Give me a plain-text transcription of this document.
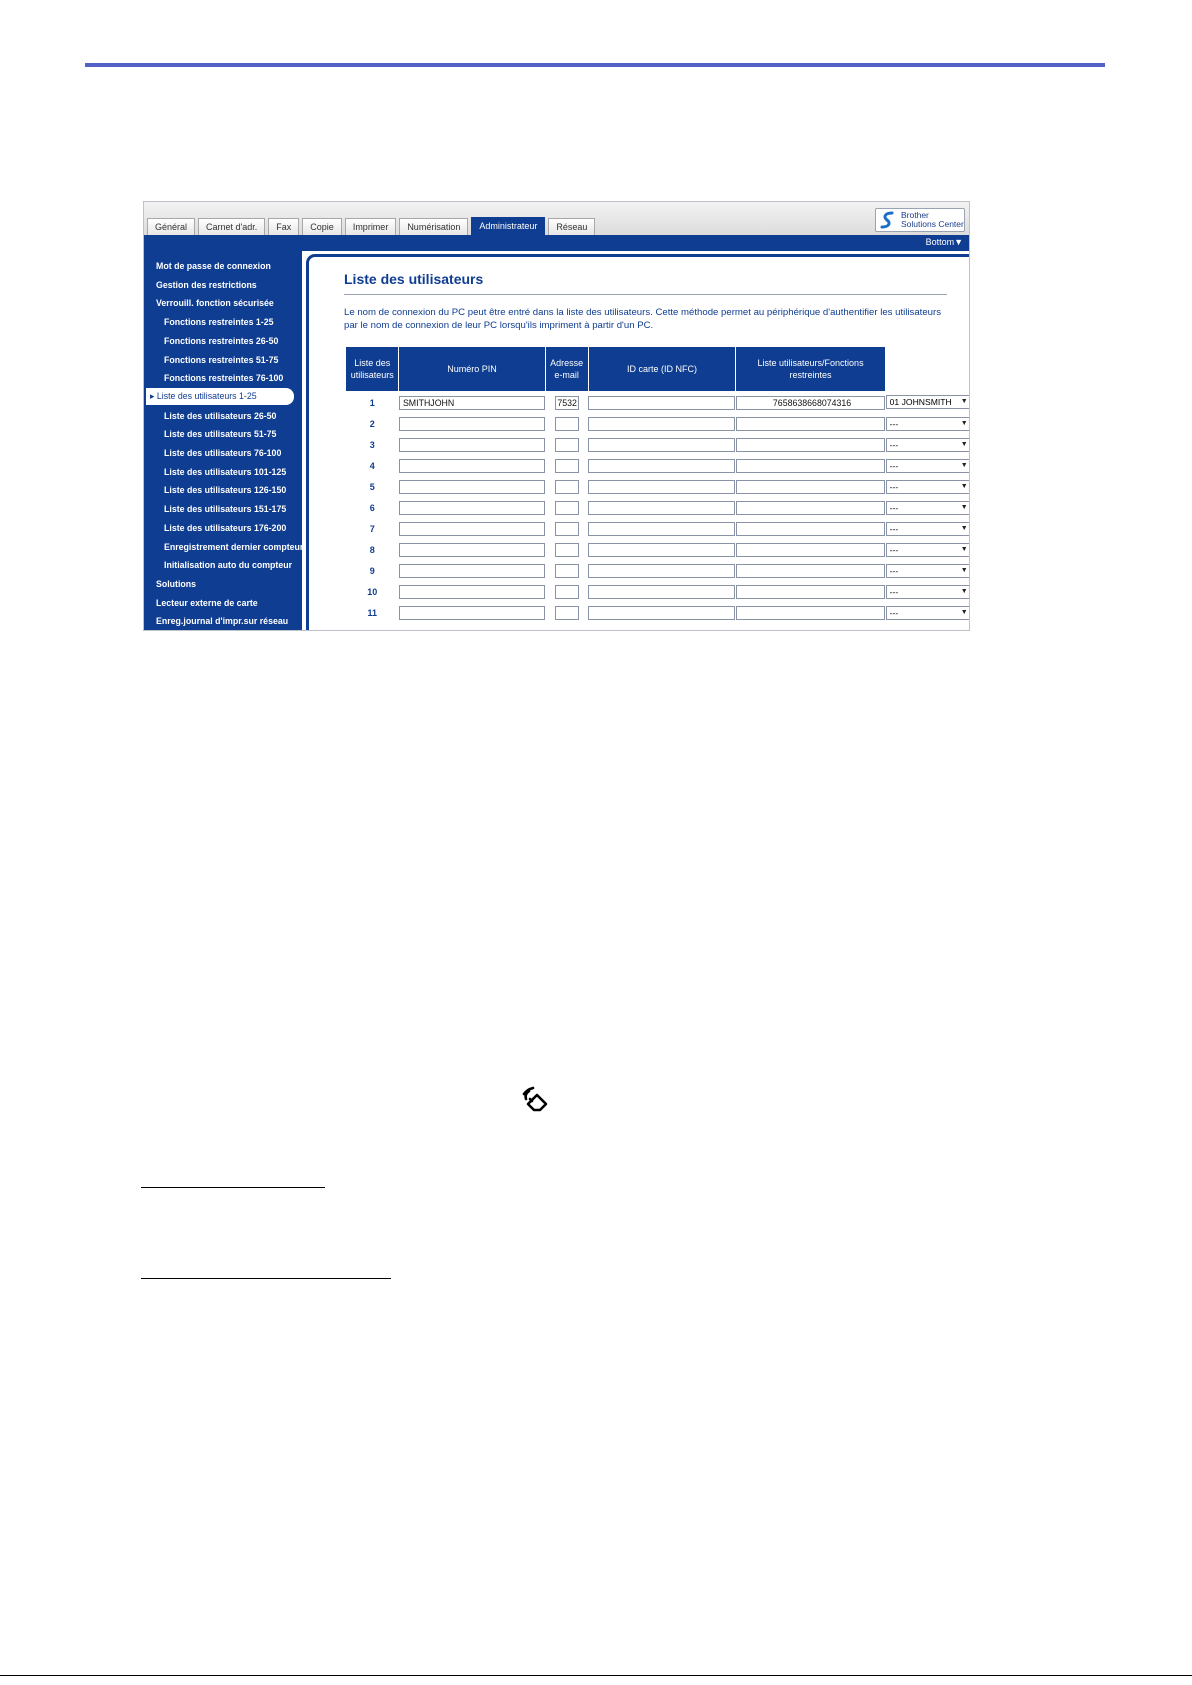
Général	Carnet d'adr.	Fax	Copie	Imprimer	Numérisation	Administrateur	Réseau
Brother
Solutions Center
Bottom▼
Mot de passe de connexion
Gestion des restrictions
Verrouill. fonction sécurisée
Fonctions restreintes 1-25
Fonctions restreintes 26-50
Fonctions restreintes 51-75
Fonctions restreintes 76-100
▸ Liste des utilisateurs 1-25
Liste des utilisateurs 26-50
Liste des utilisateurs 51-75
Liste des utilisateurs 76-100
Liste des utilisateurs 101-125
Liste des utilisateurs 126-150
Liste des utilisateurs 151-175
Liste des utilisateurs 176-200
Enregistrement dernier compteur
Initialisation auto du compteur
Solutions
Lecteur externe de carte
Enreg.journal d'impr.sur réseau
Liste des utilisateurs
Le nom de connexion du PC peut être entré dans la liste des utilisateurs. Cette méthode permet au périphérique d'authentifier les utilisateurs par le nom de connexion de leur PC lorsqu'ils impriment à partir d'un PC.
Liste des utilisateurs	Numéro PIN	Adresse e-mail	ID carte (ID NFC)	Liste utilisateurs/Fonctions restreintes	
1	SMITHJOHN	7532		7658638668074316	01 JOHNSMITH ▼

2					--- ▼

3					--- ▼

4					--- ▼

5					--- ▼

6					--- ▼

7					--- ▼

8					--- ▼

9					--- ▼

10					--- ▼

11					--- ▼
